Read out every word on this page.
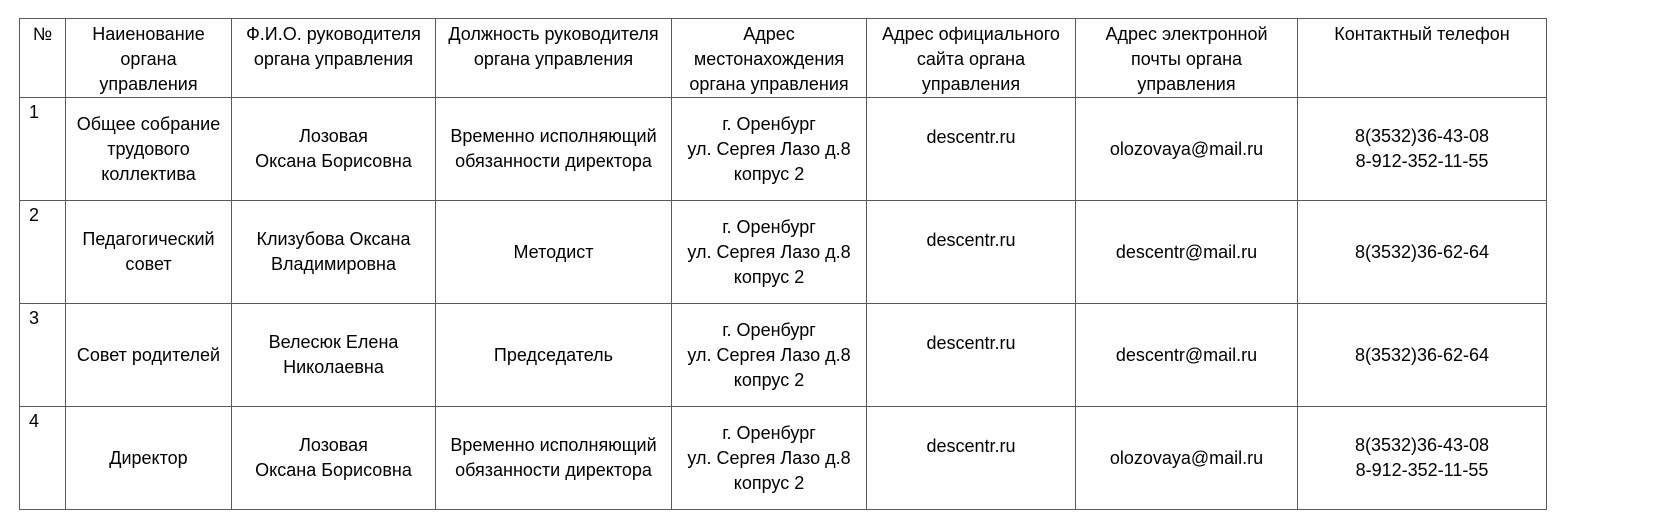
№	Наиенование
органа
управления	Ф.И.О. руководителя
органа управления	Должность руководителя
органа управления	Адрес
местонахождения
органа управления	Адрес официального
сайта органа
управления	Адрес электронной
почты органа
управления	Контактный телефон

1	Общее собрание
трудового
коллектива	Лозовая
Оксана Борисовна	Временно исполняющий
обязанности директора	г. Оренбург
ул. Сергея Лазо д.8
копрус 2	descentr.ru	olozovaya@mail.ru	8(3532)36-43-08
8-912-352-11-55

2	Педагогический
совет	Клизубова Оксана
Владимировна	Методист	г. Оренбург
ул. Сергея Лазо д.8
копрус 2	descentr.ru	descentr@mail.ru	8(3532)36-62-64

3	Совет родителей	Велесюк Елена
Николаевна	Председатель	г. Оренбург
ул. Сергея Лазо д.8
копрус 2	descentr.ru	descentr@mail.ru	8(3532)36-62-64

4	Директор	Лозовая
Оксана Борисовна	Временно исполняющий
обязанности директора	г. Оренбург
ул. Сергея Лазо д.8
копрус 2	descentr.ru	olozovaya@mail.ru	8(3532)36-43-08
8-912-352-11-55
